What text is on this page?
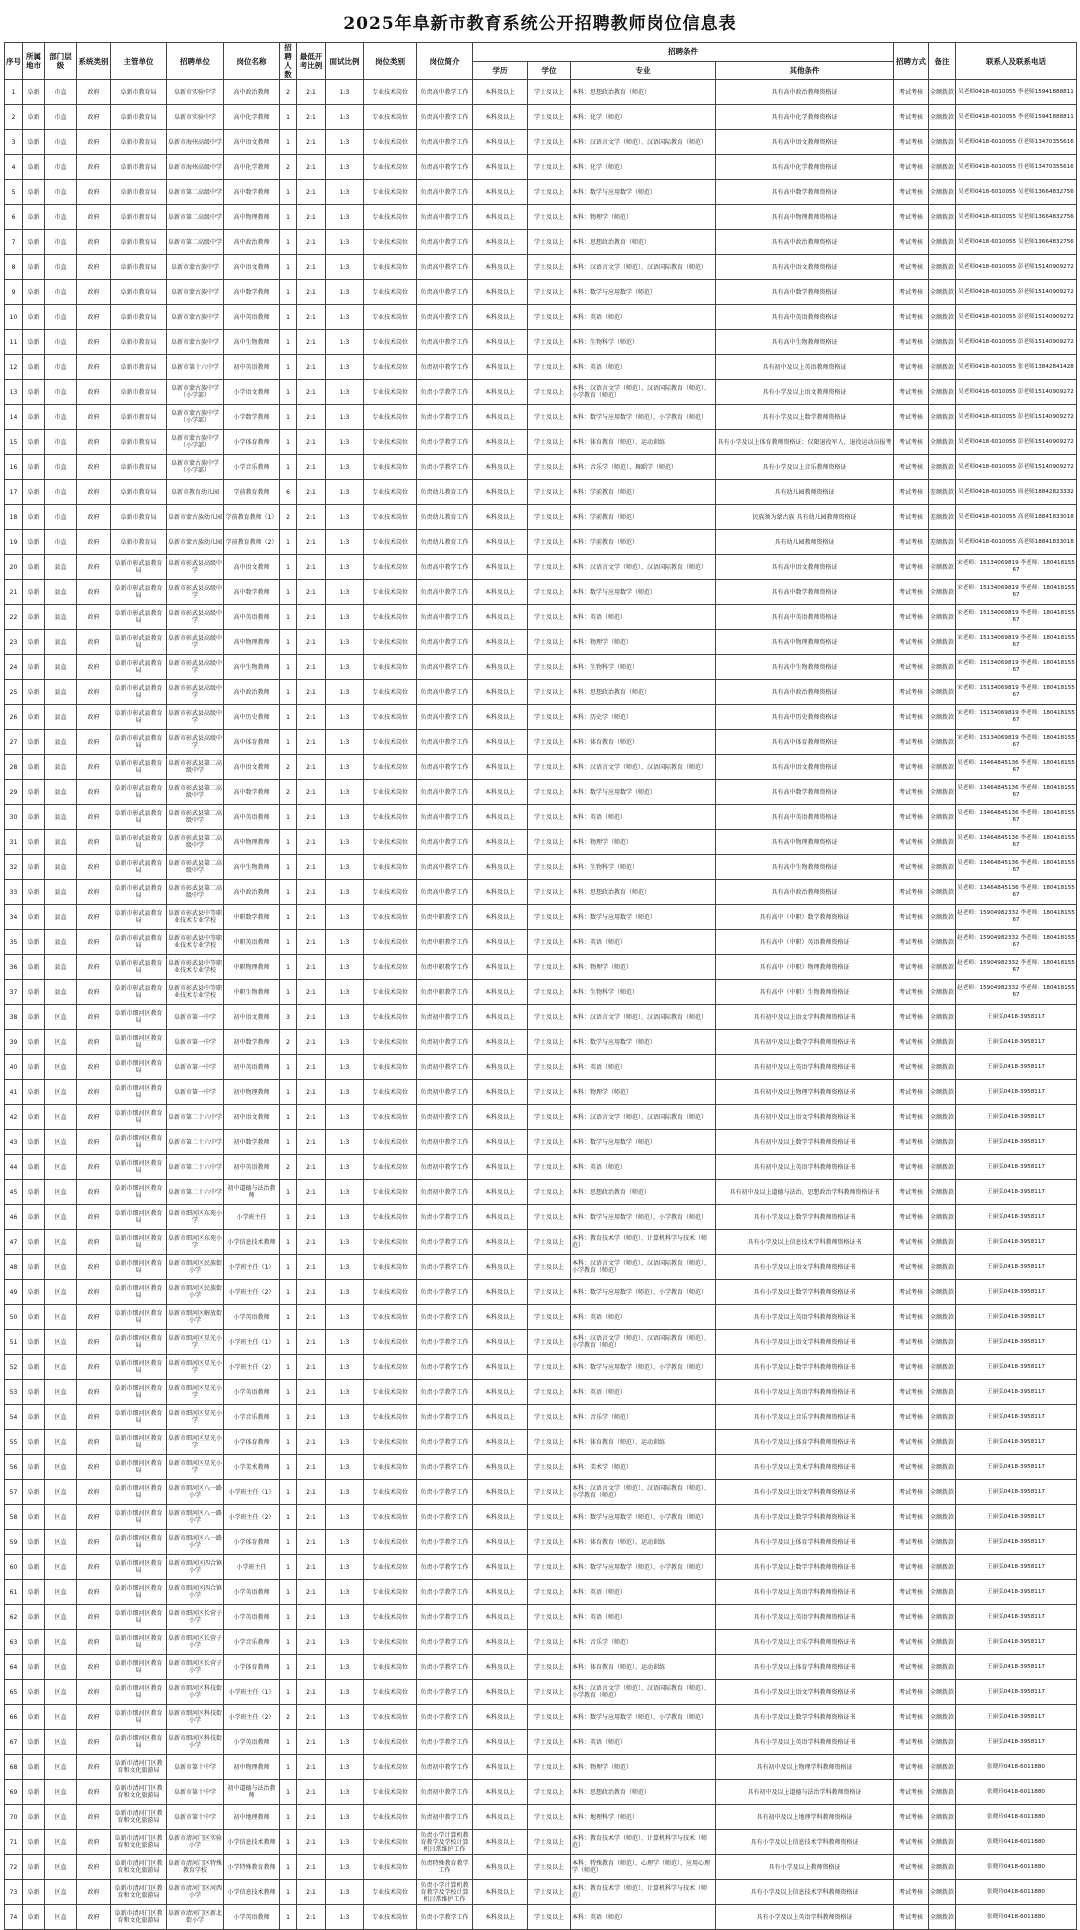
2025年阜新市教育系统公开招聘教师岗位信息表
序号	所属地市	部门层级	系统类别	主管单位	招聘单位	岗位名称	招聘人数	最低开考比例	面试比例	岗位类别	岗位简介	招聘条件				招聘方式	备注	联系人及联系电话
												学历	学位	专业	其他条件			
1	阜新	市直	政府	阜新市教育局	阜新市实验中学	高中政治教师	2	2:1	1:3	专业技术岗位	负责高中教学工作	本科及以上	学士及以上	本科：思想政治教育（师范）	具有高中政治教师资格证	考试考核	全额拨款	吴老师0418-6010055 李老师15941888811
2	阜新	市直	政府	阜新市教育局	阜新市实验中学	高中化学教师	1	2:1	1:3	专业技术岗位	负责高中教学工作	本科及以上	学士及以上	本科：化学（师范）	具有高中化学教师资格证	考试考核	全额拨款	吴老师0418-6010055 李老师15941888811
3	阜新	市直	政府	阜新市教育局	阜新市海州高级中学	高中语文教师	1	2:1	1:3	专业技术岗位	负责高中教学工作	本科及以上	学士及以上	本科：汉语言文学（师范）、汉语国际教育（师范）	具有高中语文教师资格证	考试考核	全额拨款	吴老师0418-6010055 任老师13470355616
4	阜新	市直	政府	阜新市教育局	阜新市海州高级中学	高中化学教师	2	2:1	1:3	专业技术岗位	负责高中教学工作	本科及以上	学士及以上	本科：化学（师范）	具有高中化学教师资格证	考试考核	全额拨款	吴老师0418-6010055 任老师13470355616
5	阜新	市直	政府	阜新市教育局	阜新市第二高级中学	高中数学教师	1	2:1	1:3	专业技术岗位	负责高中教学工作	本科及以上	学士及以上	本科：数学与应用数学（师范）	具有高中数学教师资格证	考试考核	全额拨款	吴老师0418-6010055 吴老师13664832756
6	阜新	市直	政府	阜新市教育局	阜新市第二高级中学	高中物理教师	1	2:1	1:3	专业技术岗位	负责高中教学工作	本科及以上	学士及以上	本科：物理学（师范）	具有高中物理教师资格证	考试考核	全额拨款	吴老师0418-6010055 吴老师13664832756
7	阜新	市直	政府	阜新市教育局	阜新市第二高级中学	高中政治教师	1	2:1	1:3	专业技术岗位	负责高中教学工作	本科及以上	学士及以上	本科：思想政治教育（师范）	具有高中政治教师资格证	考试考核	全额拨款	吴老师0418-6010055 吴老师13664832756
8	阜新	市直	政府	阜新市教育局	阜新市蒙古族中学	高中语文教师	1	2:1	1:3	专业技术岗位	负责高中教学工作	本科及以上	学士及以上	本科：汉语言文学（师范）、汉语国际教育（师范）	具有高中语文教师资格证	考试考核	全额拨款	吴老师0418-6010055 彭老师15140909272
9	阜新	市直	政府	阜新市教育局	阜新市蒙古族中学	高中数学教师	1	2:1	1:3	专业技术岗位	负责高中教学工作	本科及以上	学士及以上	本科：数学与应用数学（师范）	具有高中数学教师资格证	考试考核	全额拨款	吴老师0418-6010055 彭老师15140909272
10	阜新	市直	政府	阜新市教育局	阜新市蒙古族中学	高中英语教师	1	2:1	1:3	专业技术岗位	负责高中教学工作	本科及以上	学士及以上	本科：英语（师范）	具有高中英语教师资格证	考试考核	全额拨款	吴老师0418-6010055 彭老师15140909272
11	阜新	市直	政府	阜新市教育局	阜新市蒙古族中学	高中生物教师	1	2:1	1:3	专业技术岗位	负责高中教学工作	本科及以上	学士及以上	本科：生物科学（师范）	具有高中生物教师资格证	考试考核	全额拨款	吴老师0418-6010055 彭老师15140909272
12	阜新	市直	政府	阜新市教育局	阜新市第十六中学	初中英语教师	1	2:1	1:3	专业技术岗位	负责初中教学工作	本科及以上	学士及以上	本科：英语（师范）	具有初中及以上英语教师资格证	考试考核	全额拨款	吴老师0418-6010055 张老师13842841428
13	阜新	市直	政府	阜新市教育局	阜新市蒙古族中学（小学部）	小学语文教师	1	2:1	1:3	专业技术岗位	负责小学教学工作	本科及以上	学士及以上	本科：汉语言文学（师范）、汉语国际教育（师范）、小学教育（师范）	具有小学及以上语文教师资格证	考试考核	全额拨款	吴老师0418-6010055 彭老师15140909272
14	阜新	市直	政府	阜新市教育局	阜新市蒙古族中学（小学部）	小学数学教师	1	2:1	1:3	专业技术岗位	负责小学教学工作	本科及以上	学士及以上	本科：数学与应用数学（师范）、小学教育（师范）	具有小学及以上数学教师资格证	考试考核	全额拨款	吴老师0418-6010055 彭老师15140909272
15	阜新	市直	政府	阜新市教育局	阜新市蒙古族中学（小学部）	小学体育教师	1	2:1	1:3	专业技术岗位	负责小学教学工作	本科及以上	学士及以上	本科：体育教育（师范）、运动训练	具有小学及以上体育教师资格证；仅限退役军人、退役运动员报考	考试考核	全额拨款	吴老师0418-6010055 彭老师15140909272
16	阜新	市直	政府	阜新市教育局	阜新市蒙古族中学（小学部）	小学音乐教师	1	2:1	1:3	专业技术岗位	负责小学教学工作	本科及以上	学士及以上	本科：音乐学（师范）、舞蹈学（师范）	具有小学及以上音乐教师资格证	考试考核	全额拨款	吴老师0418-6010055 彭老师15140909272
17	阜新	市直	政府	阜新市教育局	阜新市教育幼儿园	学前教育教师	6	2:1	1:3	专业技术岗位	负责幼儿教育工作	本科及以上	学士及以上	本科：学前教育（师范）	具有幼儿园教师资格证	考试考核	差额拨款	吴老师0418-6010055 周老师18842823332
18	阜新	市直	政府	阜新市教育局	阜新市蒙古族幼儿园	学前教育教师（1）	2	2:1	1:3	专业技术岗位	负责幼儿教育工作	本科及以上	学士及以上	本科：学前教育（师范）	民族须为蒙古族 具有幼儿园教师资格证	考试考核	差额拨款	吴老师0418-6010055 高老师18841833018
19	阜新	市直	政府	阜新市教育局	阜新市蒙古族幼儿园	学前教育教师（2）	1	2:1	1:3	专业技术岗位	负责幼儿教育工作	本科及以上	学士及以上	本科：学前教育（师范）	具有幼儿园教师资格证	考试考核	差额拨款	吴老师0418-6010055 高老师18841833018
20	阜新	县直	政府	阜新市彰武县教育局	阜新市彰武县高级中学	高中语文教师	1	2:1	1:3	专业技术岗位	负责高中教学工作	本科及以上	学士及以上	本科：汉语言文学（师范）、汉语国际教育（师范）	具有高中语文教师资格证	考试考核	全额拨款	宋老师：15134069819 李老师：18041815567
21	阜新	县直	政府	阜新市彰武县教育局	阜新市彰武县高级中学	高中数学教师	1	2:1	1:3	专业技术岗位	负责高中教学工作	本科及以上	学士及以上	本科：数学与应用数学（师范）	具有高中数学教师资格证	考试考核	全额拨款	宋老师：15134069819 李老师：18041815567
22	阜新	县直	政府	阜新市彰武县教育局	阜新市彰武县高级中学	高中英语教师	1	2:1	1:3	专业技术岗位	负责高中教学工作	本科及以上	学士及以上	本科：英语（师范）	具有高中英语教师资格证	考试考核	全额拨款	宋老师：15134069819 李老师：18041815567
23	阜新	县直	政府	阜新市彰武县教育局	阜新市彰武县高级中学	高中物理教师	1	2:1	1:3	专业技术岗位	负责高中教学工作	本科及以上	学士及以上	本科：物理学（师范）	具有高中物理教师资格证	考试考核	全额拨款	宋老师：15134069819 李老师：18041815567
24	阜新	县直	政府	阜新市彰武县教育局	阜新市彰武县高级中学	高中生物教师	1	2:1	1:3	专业技术岗位	负责高中教学工作	本科及以上	学士及以上	本科：生物科学（师范）	具有高中生物教师资格证	考试考核	全额拨款	宋老师：15134069819 李老师：18041815567
25	阜新	县直	政府	阜新市彰武县教育局	阜新市彰武县高级中学	高中政治教师	1	2:1	1:3	专业技术岗位	负责高中教学工作	本科及以上	学士及以上	本科：思想政治教育（师范）	具有高中政治教师资格证	考试考核	全额拨款	宋老师：15134069819 李老师：18041815567
26	阜新	县直	政府	阜新市彰武县教育局	阜新市彰武县高级中学	高中历史教师	1	2:1	1:3	专业技术岗位	负责高中教学工作	本科及以上	学士及以上	本科：历史学（师范）	具有高中历史教师资格证	考试考核	全额拨款	宋老师：15134069819 李老师：18041815567
27	阜新	县直	政府	阜新市彰武县教育局	阜新市彰武县高级中学	高中体育教师	1	2:1	1:3	专业技术岗位	负责高中教学工作	本科及以上	学士及以上	本科：体育教育（师范）	具有高中体育教师资格证	考试考核	全额拨款	宋老师：15134069819 李老师：18041815567
28	阜新	县直	政府	阜新市彰武县教育局	阜新市彰武县第二高级中学	高中语文教师	2	2:1	1:3	专业技术岗位	负责高中教学工作	本科及以上	学士及以上	本科：汉语言文学（师范）、汉语国际教育（师范）	具有高中语文教师资格证	考试考核	全额拨款	吴老师：13464845136 李老师：18041815567
29	阜新	县直	政府	阜新市彰武县教育局	阜新市彰武县第二高级中学	高中数学教师	2	2:1	1:3	专业技术岗位	负责高中教学工作	本科及以上	学士及以上	本科：数学与应用数学（师范）	具有高中数学教师资格证	考试考核	全额拨款	吴老师：13464845136 李老师：18041815567
30	阜新	县直	政府	阜新市彰武县教育局	阜新市彰武县第二高级中学	高中英语教师	1	2:1	1:3	专业技术岗位	负责高中教学工作	本科及以上	学士及以上	本科：英语（师范）	具有高中英语教师资格证	考试考核	全额拨款	吴老师：13464845136 李老师：18041815567
31	阜新	县直	政府	阜新市彰武县教育局	阜新市彰武县第二高级中学	高中物理教师	1	2:1	1:3	专业技术岗位	负责高中教学工作	本科及以上	学士及以上	本科：物理学（师范）	具有高中物理教师资格证	考试考核	全额拨款	吴老师：13464845136 李老师：18041815567
32	阜新	县直	政府	阜新市彰武县教育局	阜新市彰武县第二高级中学	高中生物教师	1	2:1	1:3	专业技术岗位	负责高中教学工作	本科及以上	学士及以上	本科：生物科学（师范）	具有高中生物教师资格证	考试考核	全额拨款	吴老师：13464845136 李老师：18041815567
33	阜新	县直	政府	阜新市彰武县教育局	阜新市彰武县第二高级中学	高中政治教师	1	2:1	1:3	专业技术岗位	负责高中教学工作	本科及以上	学士及以上	本科：思想政治教育（师范）	具有高中政治教师资格证	考试考核	全额拨款	吴老师：13464845136 李老师：18041815567
34	阜新	县直	政府	阜新市彰武县教育局	阜新市彰武县中等职业技术专业学校	中职数学教师	1	2:1	1:3	专业技术岗位	负责中职教学工作	本科及以上	学士及以上	本科：数学与应用数学（师范）	具有高中（中职）数学教师资格证	考试考核	全额拨款	赵老师：15904982332 李老师：18041815567
35	阜新	县直	政府	阜新市彰武县教育局	阜新市彰武县中等职业技术专业学校	中职英语教师	1	2:1	1:3	专业技术岗位	负责中职教学工作	本科及以上	学士及以上	本科：英语（师范）	具有高中（中职）英语教师资格证	考试考核	全额拨款	赵老师：15904982332 李老师：18041815567
36	阜新	县直	政府	阜新市彰武县教育局	阜新市彰武县中等职业技术专业学校	中职物理教师	1	2:1	1:3	专业技术岗位	负责中职教学工作	本科及以上	学士及以上	本科：物理学（师范）	具有高中（中职）物理教师资格证	考试考核	全额拨款	赵老师：15904982332 李老师：18041815567
37	阜新	县直	政府	阜新市彰武县教育局	阜新市彰武县中等职业技术专业学校	中职生物教师	1	2:1	1:3	专业技术岗位	负责中职教学工作	本科及以上	学士及以上	本科：生物科学（师范）	具有高中（中职）生物教师资格证	考试考核	全额拨款	赵老师：15904982332 李老师：18041815567
38	阜新	区直	政府	阜新市细河区教育局	阜新市第一中学	初中语文教师	3	2:1	1:3	专业技术岗位	负责初中教学工作	本科及以上	学士及以上	本科：汉语言文学（师范）、汉语国际教育（师范）	具有初中及以上语文学科教师资格证书	考试考核	全额拨款	王丽弘0418-3958117
39	阜新	区直	政府	阜新市细河区教育局	阜新市第一中学	初中数学教师	2	2:1	1:3	专业技术岗位	负责初中教学工作	本科及以上	学士及以上	本科：数学与应用数学（师范）	具有初中及以上数学学科教师资格证书	考试考核	全额拨款	王丽弘0418-3958117
40	阜新	区直	政府	阜新市细河区教育局	阜新市第一中学	初中英语教师	1	2:1	1:3	专业技术岗位	负责初中教学工作	本科及以上	学士及以上	本科：英语（师范）	具有初中及以上英语学科教师资格证书	考试考核	全额拨款	王丽弘0418-3958117
41	阜新	区直	政府	阜新市细河区教育局	阜新市第一中学	初中物理教师	1	2:1	1:3	专业技术岗位	负责初中教学工作	本科及以上	学士及以上	本科：物理学（师范）	具有初中及以上物理学科教师资格证书	考试考核	全额拨款	王丽弘0418-3958117
42	阜新	区直	政府	阜新市细河区教育局	阜新市第二十六中学	初中语文教师	1	2:1	1:3	专业技术岗位	负责初中教学工作	本科及以上	学士及以上	本科：汉语言文学（师范）、汉语国际教育（师范）	具有初中及以上语文学科教师资格证书	考试考核	全额拨款	王丽弘0418-3958117
43	阜新	区直	政府	阜新市细河区教育局	阜新市第二十六中学	初中数学教师	1	2:1	1:3	专业技术岗位	负责初中教学工作	本科及以上	学士及以上	本科：数学与应用数学（师范）	具有初中及以上数学学科教师资格证书	考试考核	全额拨款	王丽弘0418-3958117
44	阜新	区直	政府	阜新市细河区教育局	阜新市第二十六中学	初中英语教师	2	2:1	1:3	专业技术岗位	负责初中教学工作	本科及以上	学士及以上	本科：英语（师范）	具有初中及以上英语学科教师资格证书	考试考核	全额拨款	王丽弘0418-3958117
45	阜新	区直	政府	阜新市细河区教育局	阜新市第二十六中学	初中道德与法治教师	1	2:1	1:3	专业技术岗位	负责初中教学工作	本科及以上	学士及以上	本科：思想政治教育（师范）	具有初中及以上道德与法治、思想政治学科教师资格证书	考试考核	全额拨款	王丽弘0418-3958117
46	阜新	区直	政府	阜新市细河区教育局	阜新市细河区东苑小学	小学班主任	1	2:1	1:3	专业技术岗位	负责小学教学工作	本科及以上	学士及以上	本科：数学与应用数学（师范）、小学教育（师范）	具有小学及以上数学学科教师资格证书	考试考核	全额拨款	王丽弘0418-3958117
47	阜新	区直	政府	阜新市细河区教育局	阜新市细河区东苑小学	小学信息技术教师	1	2:1	1:3	专业技术岗位	负责小学教学工作	本科及以上	学士及以上	本科：教育技术学（师范）、计算机科学与技术（师范）	具有小学及以上信息技术学科教师资格证书	考试考核	全额拨款	王丽弘0418-3958117
48	阜新	区直	政府	阜新市细河区教育局	阜新市细河区民族街小学	小学班主任（1）	1	2:1	1:3	专业技术岗位	负责小学教学工作	本科及以上	学士及以上	本科：汉语言文学（师范）、汉语国际教育（师范）、小学教育（师范）	具有小学及以上语文学科教师资格证书	考试考核	全额拨款	王丽弘0418-3958117
49	阜新	区直	政府	阜新市细河区教育局	阜新市细河区民族街小学	小学班主任（2）	1	2:1	1:3	专业技术岗位	负责小学教学工作	本科及以上	学士及以上	本科：数学与应用数学（师范）、小学教育（师范）	具有小学及以上数学学科教师资格证书	考试考核	全额拨款	王丽弘0418-3958117
50	阜新	区直	政府	阜新市细河区教育局	阜新市细河区解放街小学	小学英语教师	1	2:1	1:3	专业技术岗位	负责小学教学工作	本科及以上	学士及以上	本科：英语（师范）	具有小学及以上英语学科教师资格证书	考试考核	全额拨款	王丽弘0418-3958117
51	阜新	区直	政府	阜新市细河区教育局	阜新市细河区星光小学	小学班主任（1）	1	2:1	1:3	专业技术岗位	负责小学教学工作	本科及以上	学士及以上	本科：汉语言文学（师范）、汉语国际教育（师范）、小学教育（师范）	具有小学及以上语文学科教师资格证书	考试考核	全额拨款	王丽弘0418-3958117
52	阜新	区直	政府	阜新市细河区教育局	阜新市细河区星光小学	小学班主任（2）	1	2:1	1:3	专业技术岗位	负责小学教学工作	本科及以上	学士及以上	本科：数学与应用数学（师范）、小学教育（师范）	具有小学及以上数学学科教师资格证书	考试考核	全额拨款	王丽弘0418-3958117
53	阜新	区直	政府	阜新市细河区教育局	阜新市细河区星光小学	小学英语教师	1	2:1	1:3	专业技术岗位	负责小学教学工作	本科及以上	学士及以上	本科：英语（师范）	具有小学及以上英语学科教师资格证书	考试考核	全额拨款	王丽弘0418-3958117
54	阜新	区直	政府	阜新市细河区教育局	阜新市细河区星光小学	小学音乐教师	1	2:1	1:3	专业技术岗位	负责小学教学工作	本科及以上	学士及以上	本科：音乐学（师范）	具有小学及以上音乐学科教师资格证书	考试考核	全额拨款	王丽弘0418-3958117
55	阜新	区直	政府	阜新市细河区教育局	阜新市细河区星光小学	小学体育教师	1	2:1	1:3	专业技术岗位	负责小学教学工作	本科及以上	学士及以上	本科：体育教育（师范）、运动训练	具有小学及以上体育学科教师资格证书	考试考核	全额拨款	王丽弘0418-3958117
56	阜新	区直	政府	阜新市细河区教育局	阜新市细河区星光小学	小学美术教师	1	2:1	1:3	专业技术岗位	负责小学教学工作	本科及以上	学士及以上	本科：美术学（师范）	具有小学及以上美术学科教师资格证书	考试考核	全额拨款	王丽弘0418-3958117
57	阜新	区直	政府	阜新市细河区教育局	阜新市细河区八一路小学	小学班主任（1）	1	2:1	1:3	专业技术岗位	负责小学教学工作	本科及以上	学士及以上	本科：汉语言文学（师范）、汉语国际教育（师范）、小学教育（师范）	具有小学及以上语文学科教师资格证书	考试考核	全额拨款	王丽弘0418-3958117
58	阜新	区直	政府	阜新市细河区教育局	阜新市细河区八一路小学	小学班主任（2）	1	2:1	1:3	专业技术岗位	负责小学教学工作	本科及以上	学士及以上	本科：数学与应用数学（师范）、小学教育（师范）	具有小学及以上数学学科教师资格证书	考试考核	全额拨款	王丽弘0418-3958117
59	阜新	区直	政府	阜新市细河区教育局	阜新市细河区八一路小学	小学体育教师	1	2:1	1:3	专业技术岗位	负责小学教学工作	本科及以上	学士及以上	本科：体育教育（师范）、运动训练	具有小学及以上体育学科教师资格证书	考试考核	全额拨款	王丽弘0418-3958117
60	阜新	区直	政府	阜新市细河区教育局	阜新市细河区四合镇小学	小学班主任	1	2:1	1:3	专业技术岗位	负责小学教学工作	本科及以上	学士及以上	本科：数学与应用数学（师范）、小学教育（师范）	具有小学及以上数学学科教师资格证书	考试考核	全额拨款	王丽弘0418-3958117
61	阜新	区直	政府	阜新市细河区教育局	阜新市细河区四合镇小学	小学英语教师	1	2:1	1:3	专业技术岗位	负责小学教学工作	本科及以上	学士及以上	本科：英语（师范）	具有小学及以上英语学科教师资格证书	考试考核	全额拨款	王丽弘0418-3958117
62	阜新	区直	政府	阜新市细河区教育局	阜新市细河区长营子小学	小学英语教师	1	2:1	1:3	专业技术岗位	负责小学教学工作	本科及以上	学士及以上	本科：英语（师范）	具有小学及以上英语学科教师资格证书	考试考核	全额拨款	王丽弘0418-3958117
63	阜新	区直	政府	阜新市细河区教育局	阜新市细河区长营子小学	小学音乐教师	1	2:1	1:3	专业技术岗位	负责小学教学工作	本科及以上	学士及以上	本科：音乐学（师范）	具有小学及以上音乐学科教师资格证书	考试考核	全额拨款	王丽弘0418-3958117
64	阜新	区直	政府	阜新市细河区教育局	阜新市细河区长营子小学	小学体育教师	1	2:1	1:3	专业技术岗位	负责小学教学工作	本科及以上	学士及以上	本科：体育教育（师范）、运动训练	具有小学及以上体育学科教师资格证书	考试考核	全额拨款	王丽弘0418-3958117
65	阜新	区直	政府	阜新市细河区教育局	阜新市细河区科技街小学	小学班主任（1）	1	2:1	1:3	专业技术岗位	负责小学教学工作	本科及以上	学士及以上	本科：汉语言文学（师范）、汉语国际教育（师范）、小学教育（师范）	具有小学及以上语文学科教师资格证书	考试考核	全额拨款	王丽弘0418-3958117
66	阜新	区直	政府	阜新市细河区教育局	阜新市细河区科技街小学	小学班主任（2）	2	2:1	1:3	专业技术岗位	负责小学教学工作	本科及以上	学士及以上	本科：数学与应用数学（师范）、小学教育（师范）	具有小学及以上数学学科教师资格证书	考试考核	全额拨款	王丽弘0418-3958117
67	阜新	区直	政府	阜新市细河区教育局	阜新市细河区科技街小学	小学英语教师	1	2:1	1:3	专业技术岗位	负责小学教学工作	本科及以上	学士及以上	本科：英语（师范）	具有小学及以上英语学科教师资格证书	考试考核	全额拨款	王丽弘0418-3958117
68	阜新	区直	政府	阜新市清河门区教育和文化旅游局	阜新市第十中学	初中物理教师	1	2:1	1:3	专业技术岗位	负责初中教学工作	本科及以上	学士及以上	本科：物理学（师范）	具有初中及以上物理学科教师资格证	考试考核	全额拨款	张晓玲0418-6011880
69	阜新	区直	政府	阜新市清河门区教育和文化旅游局	阜新市第十中学	初中道德与法治教师	1	2:1	1:3	专业技术岗位	负责初中教学工作	本科及以上	学士及以上	本科：思想政治教育（师范）	具有初中及以上道德与法治学科教师资格证	考试考核	全额拨款	张晓玲0418-6011880
70	阜新	区直	政府	阜新市清河门区教育和文化旅游局	阜新市第十中学	初中地理教师	1	2:1	1:3	专业技术岗位	负责初中教学工作	本科及以上	学士及以上	本科：地理科学（师范）	具有初中及以上地理学科教师资格证	考试考核	全额拨款	张晓玲0418-6011880
71	阜新	区直	政府	阜新市清河门区教育和文化旅游局	阜新市清河门区实验小学	小学信息技术教师	1	2:1	1:3	专业技术岗位	负责小学计算机教育教学及学校计算机日常维护工作	本科及以上	学士及以上	本科：教育技术学（师范）、计算机科学与技术（师范）	具有小学及以上信息技术学科教师资格证	考试考核	全额拨款	张晓玲0418-6011880
72	阜新	区直	政府	阜新市清河门区教育和文化旅游局	阜新市清河门区特殊教育学校	小学特殊教育教师	1	2:1	1:3	专业技术岗位	负责特殊教育教学工作	本科及以上	学士及以上	本科：特殊教育（师范）、心理学（师范）、应用心理学（师范）	具有小学及以上教师资格证	考试考核	全额拨款	张晓玲0418-6011880
73	阜新	区直	政府	阜新市清河门区教育和文化旅游局	阜新市清河门区河西小学	小学信息技术教师	1	2:1	1:3	专业技术岗位	负责小学计算机教育教学及学校计算机日常维护工作	本科及以上	学士及以上	本科：教育技术学（师范）、计算机科学与技术（师范）	具有小学及以上信息技术学科教师资格证	考试考核	全额拨款	张晓玲0418-6011880
74	阜新	区直	政府	阜新市清河门区教育和文化旅游局	阜新市清河门区新北街小学	小学英语教师	1	2:1	1:3	专业技术岗位	负责小学教学工作	本科及以上	学士及以上	本科：英语（师范）	具有小学及以上英语学科教师资格证	考试考核	全额拨款	张晓玲0418-6011880
